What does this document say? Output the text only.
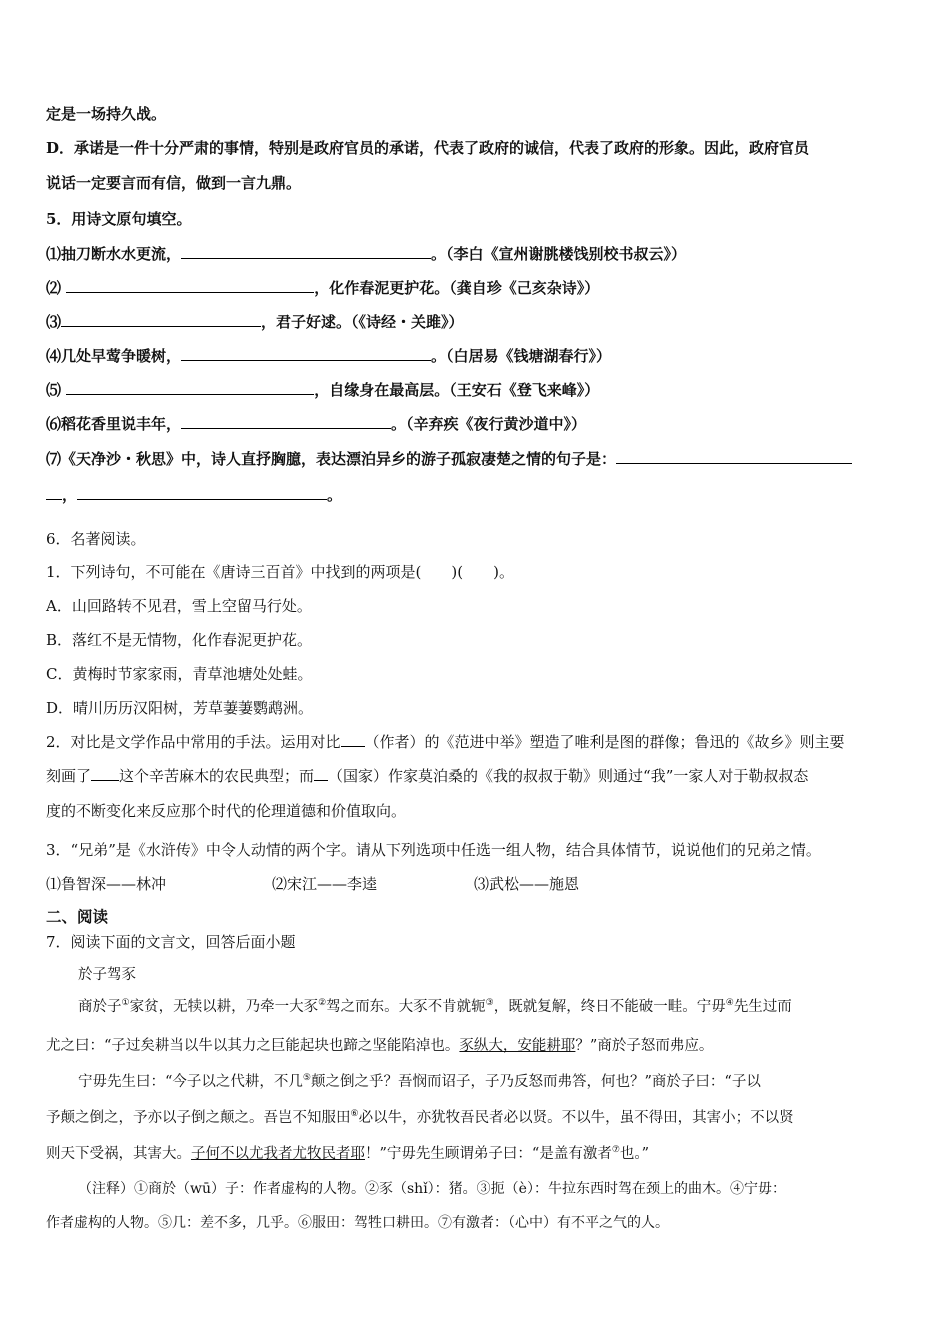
定是一场持久战。
D．承诺是一件十分严肃的事情，特别是政府官员的承诺，代表了政府的诚信，代表了政府的形象。因此，政府官员
说话一定要言而有信，做到一言九鼎。
5．用诗文原句填空。
⑴抽刀断水水更流，	。（李白《宣州谢朓楼饯别校书叔云》）
⑵	，化作春泥更护花。（龚自珍《己亥杂诗》）
⑶	，君子好逑。（《诗经・关雎》）
⑷几处早莺争暖树，	。（白居易《钱塘湖春行》）
⑸	，自缘身在最高层。（王安石《登飞来峰》）
⑹稻花香里说丰年，	。（辛弃疾《夜行黄沙道中》）
⑺《天净沙・秋思》中，诗人直抒胸臆，表达漂泊异乡的游子孤寂凄楚之情的句子是：
，	。
6．名著阅读。
1．下列诗句，不可能在《唐诗三百首》中找到的两项是(　　)(　　)。
A．山回路转不见君，雪上空留马行处。
B．落红不是无情物，化作春泥更护花。
C．黄梅时节家家雨，青草池塘处处蛙。
D．晴川历历汉阳树，芳草萋萋鹦鹉洲。
2．对比是文学作品中常用的手法。运用对比 （作者）的《范进中举》塑造了唯利是图的群像；鲁迅的《故乡》则主要
刻画了 这个辛苦麻木的农民典型；而 （国家）作家莫泊桑的《我的叔叔于勒》则通过“我”一家人对于勒叔叔态
度的不断变化来反应那个时代的伦理道德和价值取向。
3．“兄弟”是《水浒传》中令人动情的两个字。请从下列选项中任选一组人物，结合具体情节，说说他们的兄弟之情。
⑴鲁智深——林冲	⑵宋江——李逵	⑶武松——施恩
二、阅读
7．阅读下面的文言文，回答后面小题
於子驾豕
商於子①家贫，无犊以耕，乃牵一大豕②驾之而东。大豕不肯就轭③，既就复解，终日不能破一畦。宁毋④先生过而
尤之曰：“子过矣耕当以牛以其力之巨能起块也蹄之坚能陷淖也。豕纵大，安能耕耶？”商於子怒而弗应。
宁毋先生曰：“今子以之代耕，不几⑤颠之倒之乎？吾悯而诏子，子乃反怒而弗答，何也？”商於子曰：“子以
予颠之倒之，予亦以子倒之颠之。吾岂不知服田⑥必以牛，亦犹牧吾民者必以贤。不以牛，虽不得田，其害小；不以贤
则天下受祸，其害大。子何不以尤我者尤牧民者耶！”宁毋先生顾谓弟子曰：“是盖有激者⑦也。”
（注释）①商於（wū）子：作者虚构的人物。②豕（shǐ）：猪。③扼（è）：牛拉东西时驾在颈上的曲木。④宁毋：
作者虚构的人物。⑤几：差不多，几乎。⑥服田：驾牲口耕田。⑦有激者：（心中）有不平之气的人。
